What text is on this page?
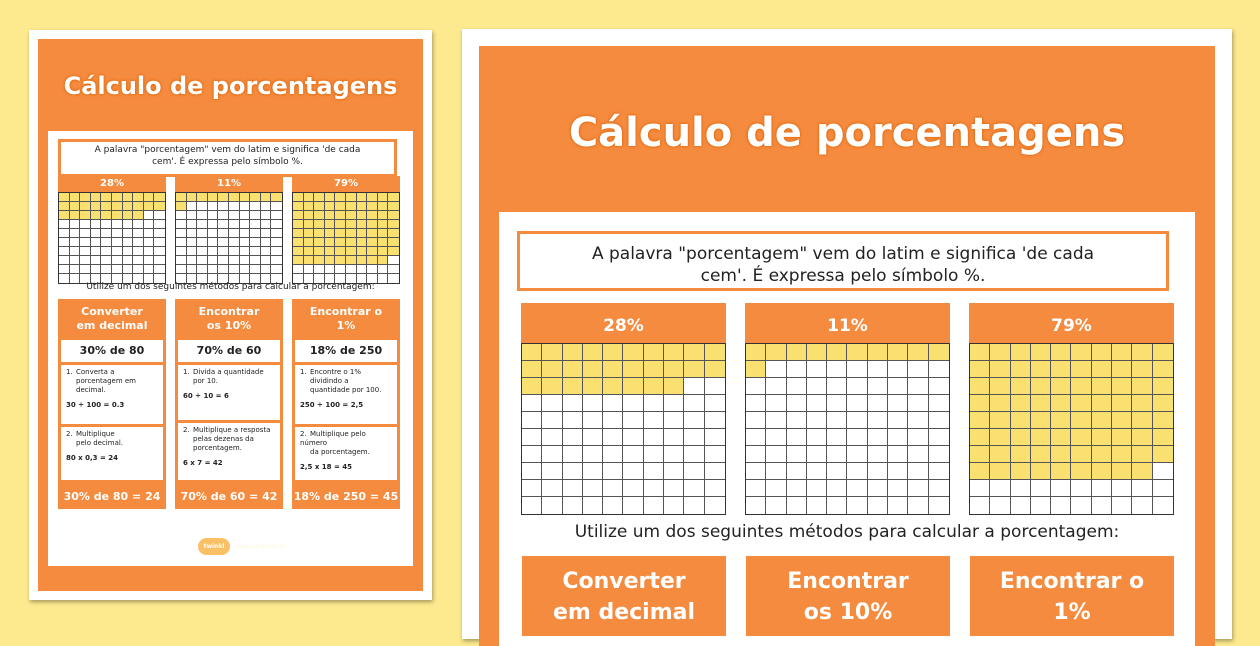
Cálculo de porcentagens
A palavra "porcentagem" vem do latim e significa 'de cada
cem'. É expressa pelo símbolo %.
28%	11%	79%
Utilize um dos seguintes métodos para calcular a porcentagem:
Converter
em decimal
30% de 80
1. Converta a
porcentagem em
decimal.
30 ÷ 100 = 0.3
2. Multiplique
pelo decimal.
80 x 0,3 = 24
30% de 80 = 24
Encontrar
os 10%
70% de 60
1. Divida a quantidade
por 10.
60 ÷ 10 = 6
2. Multiplique a resposta
pelas dezenas da
porcentagem.
6 x 7 = 42
70% de 60 = 42
Encontrar o
1%
18% de 250
1. Encontre o 1%
dividindo a
quantidade por 100.
250 ÷ 100 = 2,5
2. Multiplique pelo número
da porcentagem.
2,5 x 18 = 45
18% de 250 = 45
twinkl	visite twinkl.com.br
Cálculo de porcentagens
A palavra "porcentagem" vem do latim e significa 'de cada
cem'. É expressa pelo símbolo %.
28%	11%	79%
Utilize um dos seguintes métodos para calcular a porcentagem:
Converter
em decimal
Encontrar
os 10%
Encontrar o
1%
